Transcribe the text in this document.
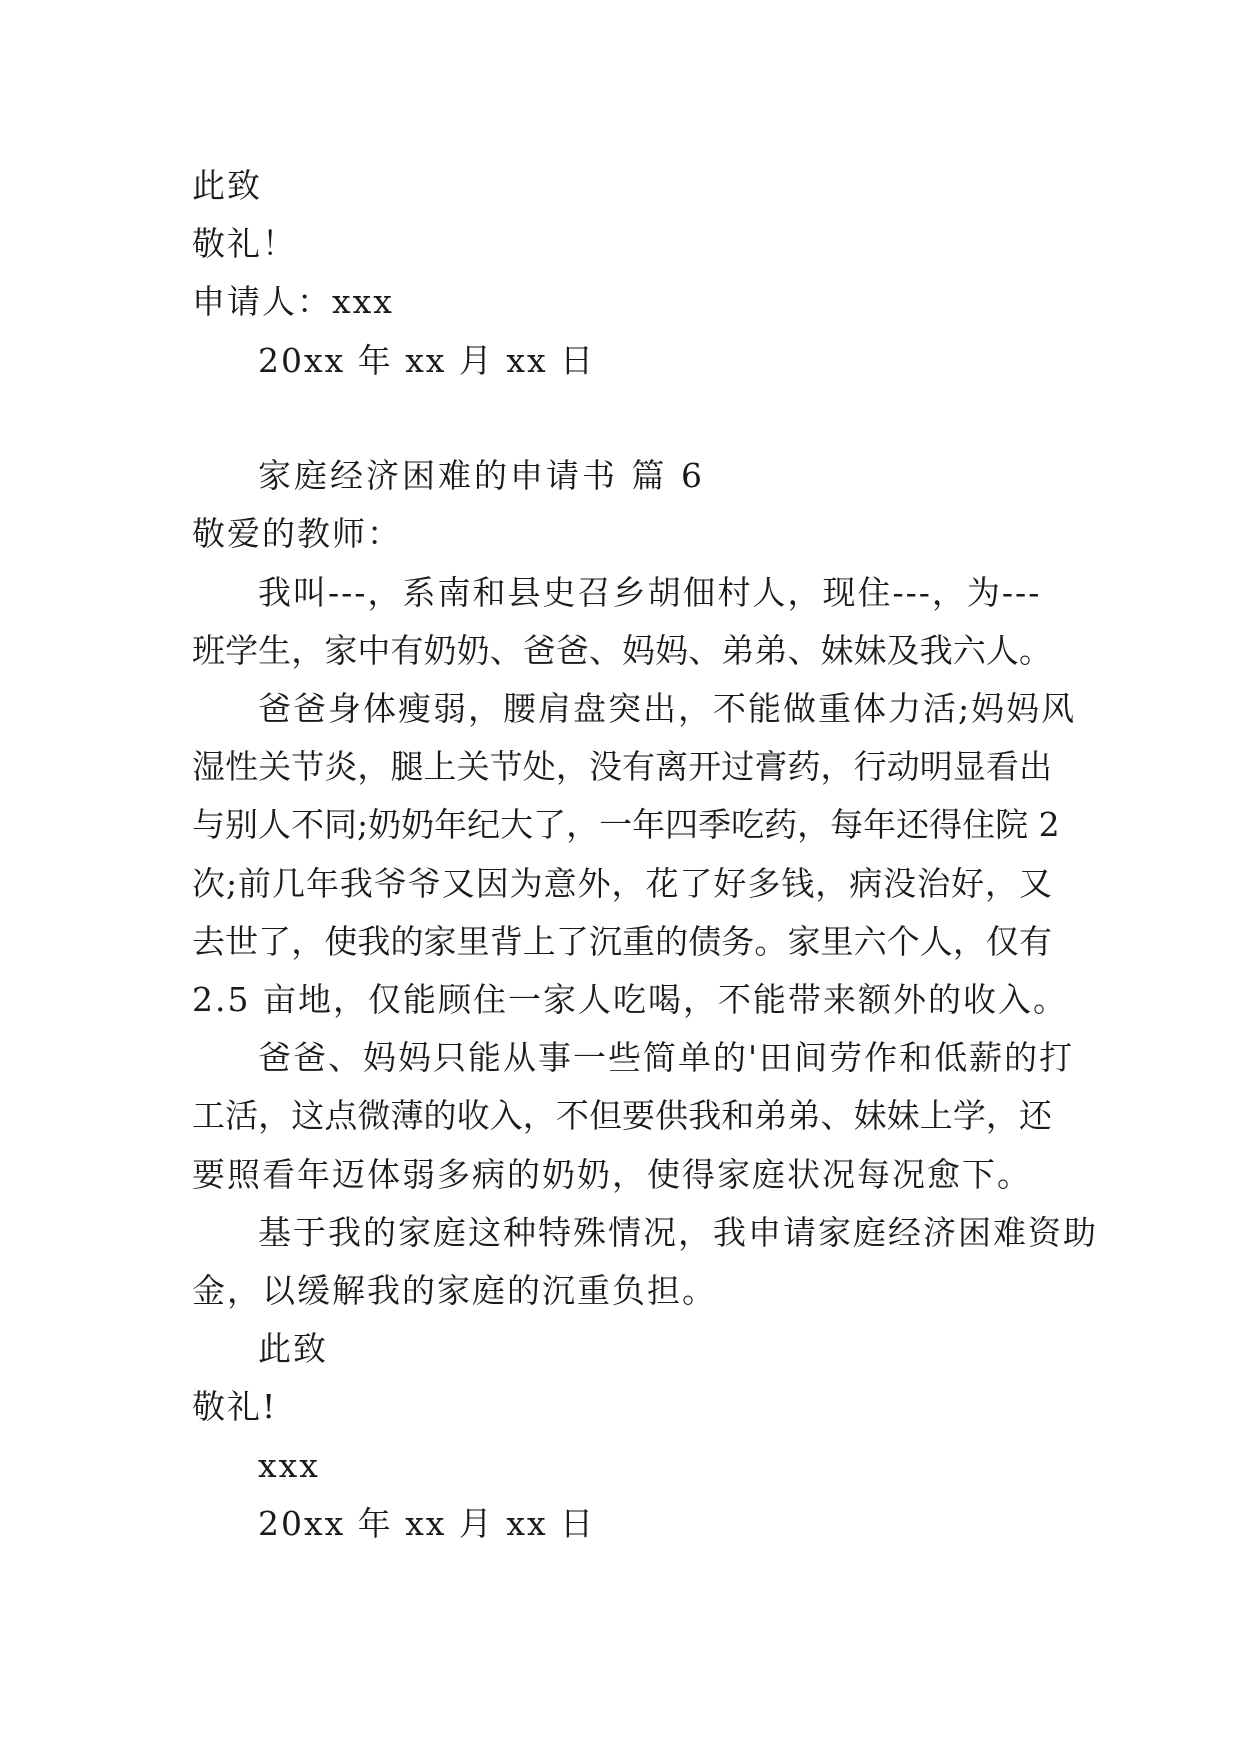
此致
敬礼！
申请人：xxx
20xx 年 xx 月 xx 日
家庭经济困难的申请书 篇 6
敬爱的教师：
我叫---，系南和县史召乡胡佃村人，现住---，为---
班学生，家中有奶奶、爸爸、妈妈、弟弟、妹妹及我六人。
爸爸身体瘦弱，腰肩盘突出，不能做重体力活;妈妈风
湿性关节炎，腿上关节处，没有离开过膏药，行动明显看出
与别人不同;奶奶年纪大了，一年四季吃药，每年还得住院 2
次;前几年我爷爷又因为意外，花了好多钱，病没治好，又
去世了，使我的家里背上了沉重的债务。家里六个人，仅有
2.5 亩地，仅能顾住一家人吃喝，不能带来额外的收入。
爸爸、妈妈只能从事一些简单的'田间劳作和低薪的打
工活，这点微薄的收入，不但要供我和弟弟、妹妹上学，还
要照看年迈体弱多病的奶奶，使得家庭状况每况愈下。
基于我的家庭这种特殊情况，我申请家庭经济困难资助
金，以缓解我的家庭的沉重负担。
此致
敬礼!
xxx
20xx 年 xx 月 xx 日
